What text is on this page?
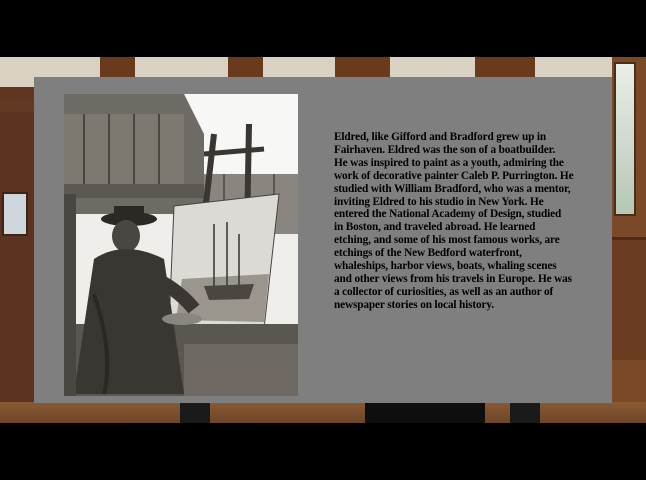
Eldred, like Gifford and Bradford grew up in
Fairhaven. Eldred was the son of a boatbuilder.
He was inspired to paint as a youth, admiring the
work of decorative painter Caleb P. Purrington. He
studied with William Bradford, who was a mentor,
inviting Eldred to his studio in New York. He
entered the National Academy of Design, studied
in Boston, and traveled abroad. He learned
etching, and some of his most famous works, are
etchings of the New Bedford waterfront,
whaleships, harbor views, boats, whaling scenes
and other views from his travels in Europe. He was
a collector of curiosities, as well as an author of
newspaper stories on local history.
